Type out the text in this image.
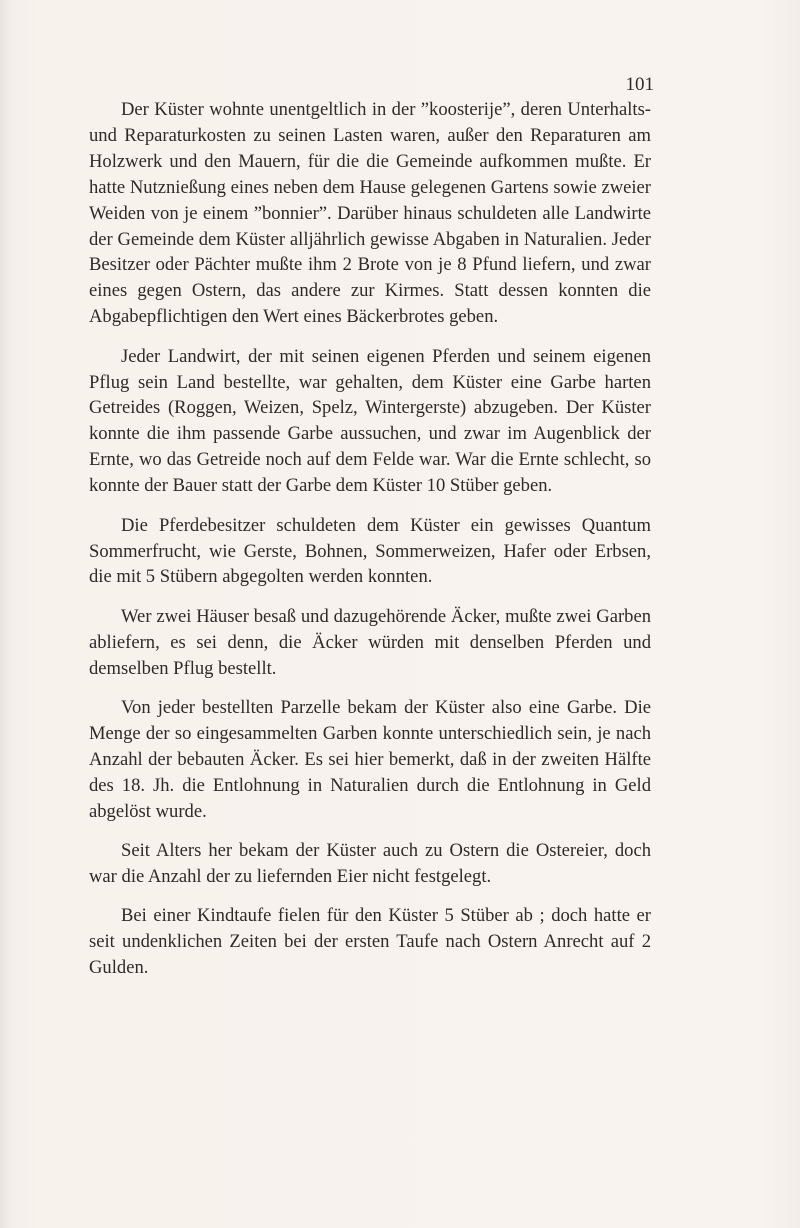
101

Der Küster wohnte unentgeltlich in der ”koosterije”, deren Unterhalts- und Reparaturkosten zu seinen Lasten waren, außer den Reparaturen am Holzwerk und den Mauern, für die die Gemeinde aufkommen mußte. Er hatte Nutznießung eines neben dem Hause gelegenen Gartens sowie zweier Weiden von je einem ”bonnier”. Darüber hinaus schuldeten alle Landwirte der Gemeinde dem Küster alljährlich gewisse Abgaben in Naturalien. Jeder Besitzer oder Pächter mußte ihm 2 Brote von je 8 Pfund liefern, und zwar eines gegen Ostern, das andere zur Kirmes. Statt dessen konnten die Abgabepflichtigen den Wert eines Bäckerbrotes geben.

Jeder Landwirt, der mit seinen eigenen Pferden und seinem eigenen Pflug sein Land bestellte, war gehalten, dem Küster eine Garbe harten Getreides (Roggen, Weizen, Spelz, Wintergerste) abzugeben. Der Küster konnte die ihm passende Garbe aussuchen, und zwar im Augenblick der Ernte, wo das Getreide noch auf dem Felde war. War die Ernte schlecht, so konnte der Bauer statt der Garbe dem Küster 10 Stüber geben.

Die Pferdebesitzer schuldeten dem Küster ein gewisses Quantum Sommerfrucht, wie Gerste, Bohnen, Sommerweizen, Hafer oder Erbsen, die mit 5 Stübern abgegolten werden konnten.

Wer zwei Häuser besaß und dazugehörende Äcker, mußte zwei Garben abliefern, es sei denn, die Äcker würden mit denselben Pferden und demselben Pflug bestellt.

Von jeder bestellten Parzelle bekam der Küster also eine Garbe. Die Menge der so eingesammelten Garben konnte unterschiedlich sein, je nach Anzahl der bebauten Äcker. Es sei hier bemerkt, daß in der zweiten Hälfte des 18. Jh. die Entlohnung in Naturalien durch die Entlohnung in Geld abgelöst wurde.

Seit Alters her bekam der Küster auch zu Ostern die Ostereier, doch war die Anzahl der zu liefernden Eier nicht festgelegt.

Bei einer Kindtaufe fielen für den Küster 5 Stüber ab ; doch hatte er seit undenklichen Zeiten bei der ersten Taufe nach Ostern Anrecht auf 2 Gulden.
